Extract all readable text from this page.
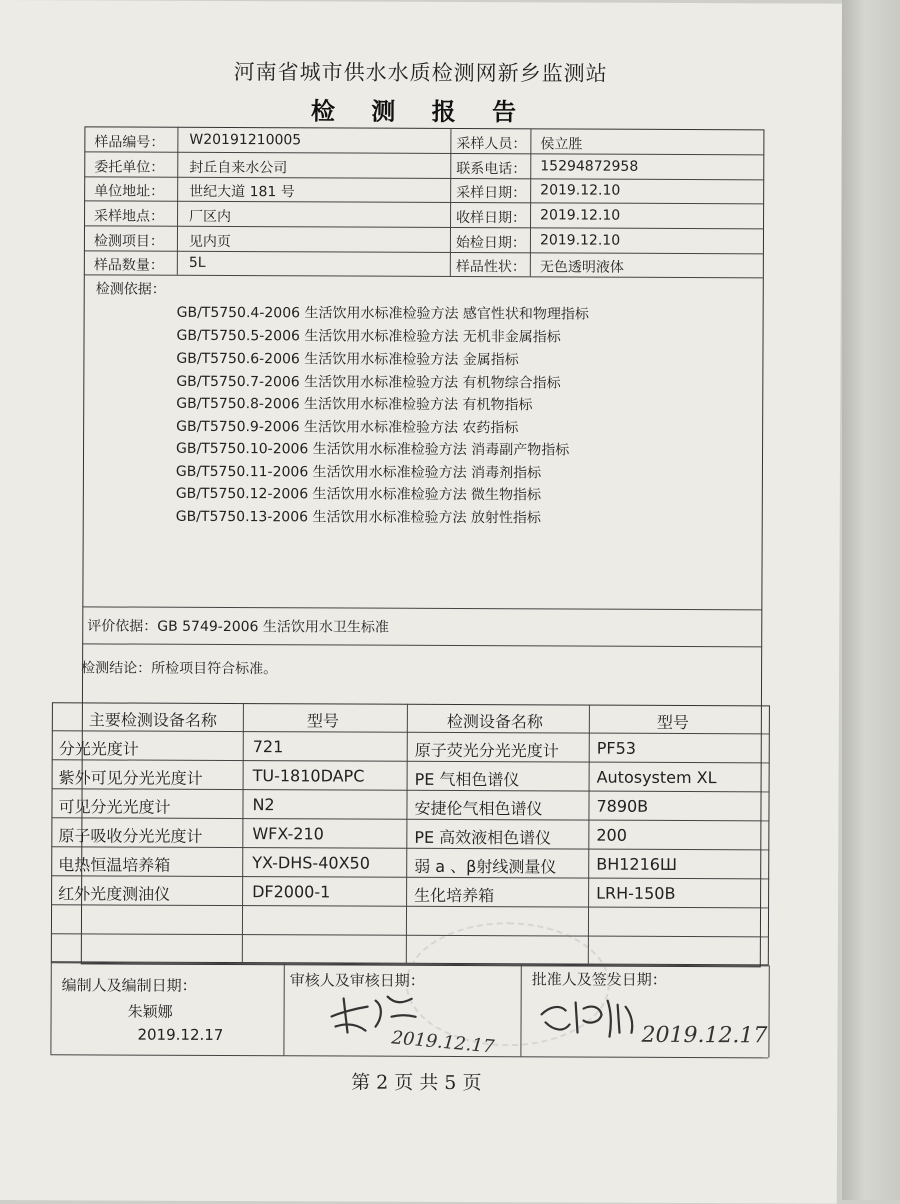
河南省城市供水水质检测网新乡监测站
检 测 报 告
样品编号： W20191210005	采样人员： 侯立胜
委托单位： 封丘自来水公司	联系电话： 15294872958
单位地址： 世纪大道 181 号	采样日期： 2019.12.10
采样地点： 厂区内	收样日期： 2019.12.10
检测项目： 见内页	始检日期： 2019.12.10
样品数量： 5L	样品性状： 无色透明液体
检测依据：
GB/T5750.4-2006 生活饮用水标准检验方法 感官性状和物理指标
GB/T5750.5-2006 生活饮用水标准检验方法 无机非金属指标
GB/T5750.6-2006 生活饮用水标准检验方法 金属指标
GB/T5750.7-2006 生活饮用水标准检验方法 有机物综合指标
GB/T5750.8-2006 生活饮用水标准检验方法 有机物指标
GB/T5750.9-2006 生活饮用水标准检验方法 农药指标
GB/T5750.10-2006 生活饮用水标准检验方法 消毒副产物指标
GB/T5750.11-2006 生活饮用水标准检验方法 消毒剂指标
GB/T5750.12-2006 生活饮用水标准检验方法 微生物指标
GB/T5750.13-2006 生活饮用水标准检验方法 放射性指标
评价依据：GB 5749-2006 生活饮用水卫生标准
检测结论：所检项目符合标准。
主要检测设备名称	型号	检测设备名称	型号
分光光度计	721	原子荧光分光光度计 PF53
紫外可见分光光度计	TU-1810DAPC	PE 气相色谱仪	Autosystem XL
可见分光光度计	N2	安捷伦气相色谱仪	7890B
原子吸收分光光度计	WFX-210	PE 高效液相色谱仪	200
电热恒温培养箱	YX-DHS-40X50	弱 a 、β射线测量仪 BH1216Ш
红外光度测油仪	DF2000-1	生化培养箱	LRH-150B
编制人及编制日期：
朱颖娜
2019.12.17
审核人及审核日期：
2019.12.17
批准人及签发日期：
2019.12.17
第 2 页 共 5 页
